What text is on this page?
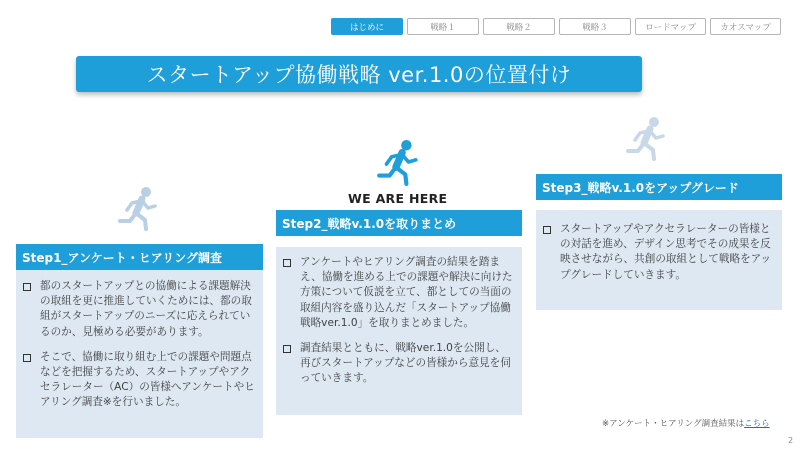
はじめに	戦略１	戦略２	戦略３	ロードマップ	カオスマップ
スタートアップ協働戦略 ver.1.0の位置付け
WE ARE HERE
Step1_アンケート・ヒアリング調査
都のスタートアップとの協働による課題解決の取組を更に推進していくためには、都の取組がスタートアップのニーズに応えられているのか、見極める必要があります。
そこで、協働に取り組む上での課題や問題点などを把握するため、スタートアップやアクセラレーター（AC）の皆様へアンケートやヒアリング調査※を行いました。
Step2_戦略v.1.0を取りまとめ
アンケートやヒアリング調査の結果を踏まえ、協働を進める上での課題や解決に向けた方策について仮説を立て、都としての当面の取組内容を盛り込んだ「スタートアップ協働戦略ver.1.0」を取りまとめました。
調査結果とともに、戦略ver.1.0を公開し、再びスタートアップなどの皆様から意見を伺っていきます。
Step3_戦略v.1.0をアップグレード
スタートアップやアクセラレーターの皆様との対話を進め、デザイン思考でその成果を反映させながら、共創の取組として戦略をアップグレードしていきます。
※アンケート・ヒアリング調査結果はこちら
2
